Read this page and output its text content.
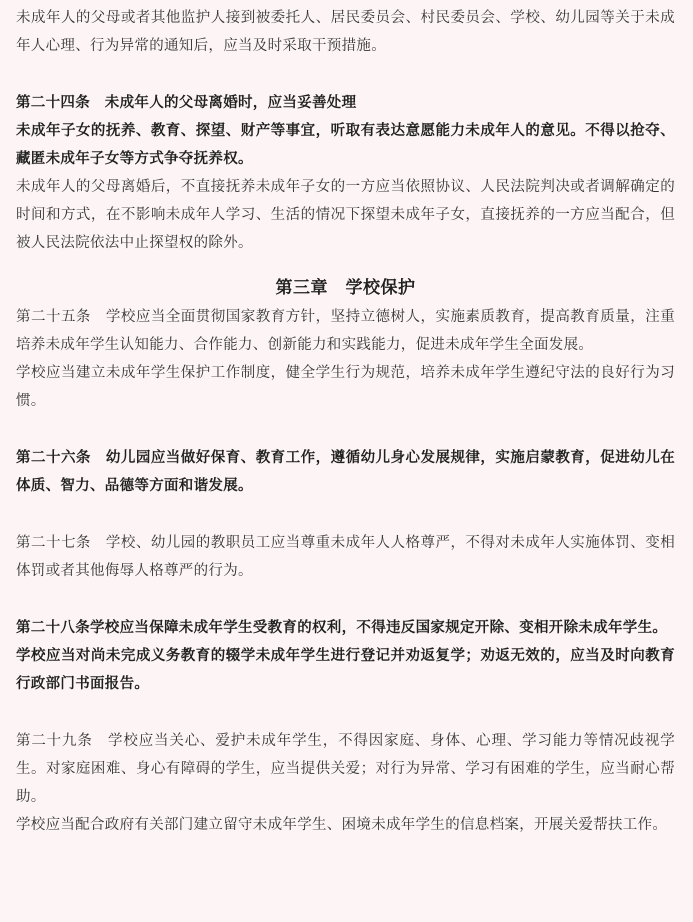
未成年人的父母或者其他监护人接到被委托人、居民委员会、村民委员会、学校、幼儿园等关于未成年人心理、行为异常的通知后，应当及时采取干预措施。

第二十四条　未成年人的父母离婚时，应当妥善处理

未成年子女的抚养、教育、探望、财产等事宜，听取有表达意愿能力未成年人的意见。不得以抢夺、藏匿未成年子女等方式争夺抚养权。

未成年人的父母离婚后，不直接抚养未成年子女的一方应当依照协议、人民法院判决或者调解确定的时间和方式，在不影响未成年人学习、生活的情况下探望未成年子女，直接抚养的一方应当配合，但被人民法院依法中止探望权的除外。

第三章　学校保护

第二十五条　学校应当全面贯彻国家教育方针，坚持立德树人，实施素质教育，提高教育质量，注重培养未成年学生认知能力、合作能力、创新能力和实践能力，促进未成年学生全面发展。

学校应当建立未成年学生保护工作制度，健全学生行为规范，培养未成年学生遵纪守法的良好行为习惯。

第二十六条　幼儿园应当做好保育、教育工作，遵循幼儿身心发展规律，实施启蒙教育，促进幼儿在体质、智力、品德等方面和谐发展。

第二十七条　学校、幼儿园的教职员工应当尊重未成年人人格尊严，不得对未成年人实施体罚、变相体罚或者其他侮辱人格尊严的行为。

第二十八条学校应当保障未成年学生受教育的权利，不得违反国家规定开除、变相开除未成年学生。

学校应当对尚未完成义务教育的辍学未成年学生进行登记并劝返复学；劝返无效的，应当及时向教育行政部门书面报告。

第二十九条　学校应当关心、爱护未成年学生，不得因家庭、身体、心理、学习能力等情况歧视学生。对家庭困难、身心有障碍的学生，应当提供关爱；对行为异常、学习有困难的学生，应当耐心帮助。

学校应当配合政府有关部门建立留守未成年学生、困境未成年学生的信息档案，开展关爱帮扶工作。
